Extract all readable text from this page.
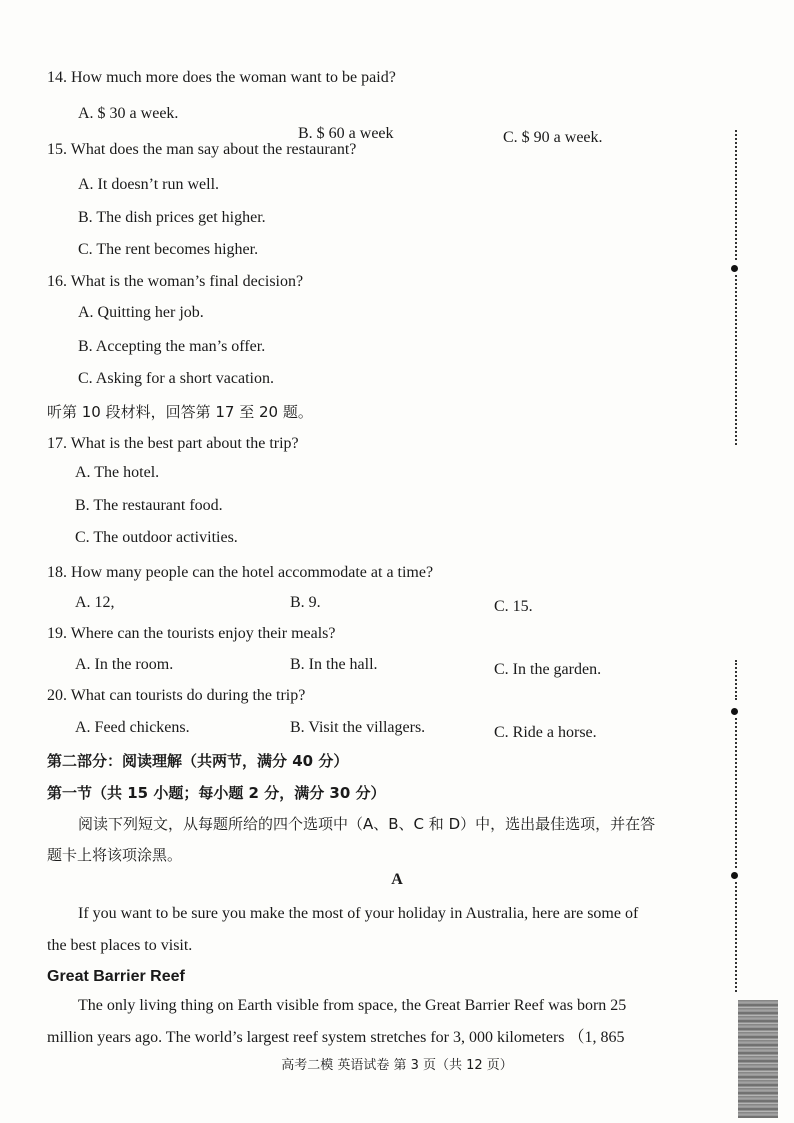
14. How much more does the woman want to be paid?
A. $ 30 a week.
B. $ 60 a week	C. $ 90 a week.
15. What does the man say about the restaurant?
A. It doesn’t run well.
B. The dish prices get higher.
C. The rent becomes higher.
16. What is the woman’s final decision?
A. Quitting her job.
B. Accepting the man’s offer.
C. Asking for a short vacation.
听第 10 段材料，回答第 17 至 20 题。
17. What is the best part about the trip?
A. The hotel.
B. The restaurant food.
C. The outdoor activities.
18. How many people can the hotel accommodate at a time?
A. 12,	B. 9.	C. 15.
19. Where can the tourists enjoy their meals?
A. In the room.	B. In the hall.	C. In the garden.
20. What can tourists do during the trip?
A. Feed chickens.	B. Visit the villagers.	C. Ride a horse.
第二部分：阅读理解（共两节，满分 40 分）
第一节（共 15 小题；每小题 2 分，满分 30 分）
阅读下列短文，从每题所给的四个选项中（A、B、C 和 D）中，选出最佳选项，并在答
题卡上将该项涂黑。
A
If you want to be sure you make the most of your holiday in Australia, here are some of
the best places to visit.
Great Barrier Reef
The only living thing on Earth visible from space, the Great Barrier Reef was born 25
million years ago. The world’s largest reef system stretches for 3, 000 kilometers （1, 865
高考二模 英语试卷 第 3 页（共 12 页）
